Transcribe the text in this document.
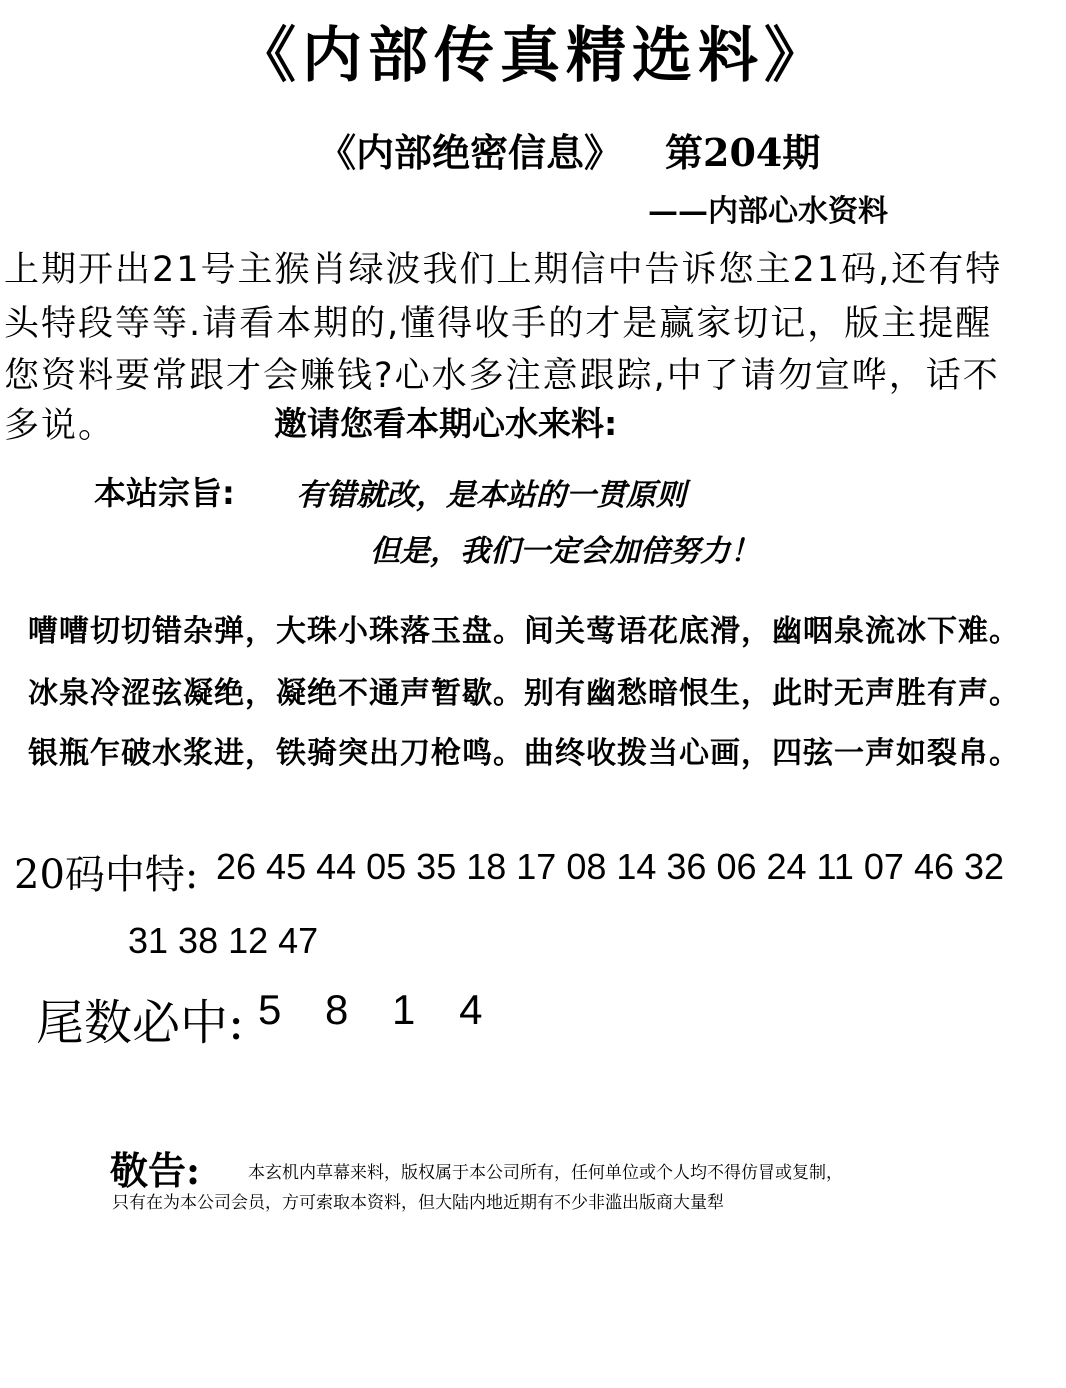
《内部传真精选料》
《内部绝密信息》 第204期
——内部心水资料
上期开出21号主猴肖绿波我们上期信中告诉您主21码,还有特
头特段等等.请看本期的,懂得收手的才是赢家切记，版主提醒
您资料要常跟才会赚钱?心水多注意跟踪,中了请勿宣哗，话不
多说。	邀请您看本期心水来料:
本站宗旨: 有错就改，是本站的一贯原则
但是，我们一定会加倍努力！
嘈嘈切切错杂弹，大珠小珠落玉盘。间关莺语花底滑，幽咽泉流冰下难。
冰泉冷涩弦凝绝，凝绝不通声暂歇。别有幽愁暗恨生，此时无声胜有声。
银瓶乍破水浆进，铁骑突出刀枪鸣。曲终收拨当心画，四弦一声如裂帛。
20码中特: 26 45 44 05 35 18 17 08 14 36 06 24 11 07 46 32
31 38 12 47
尾数必中: 5 8 1 4
敬告:	本玄机内草幕来料，版权属于本公司所有，任何单位或个人均不得仿冒或复制，
只有在为本公司会员，方可索取本资料，但大陆内地近期有不少非滥出版商大量犁
